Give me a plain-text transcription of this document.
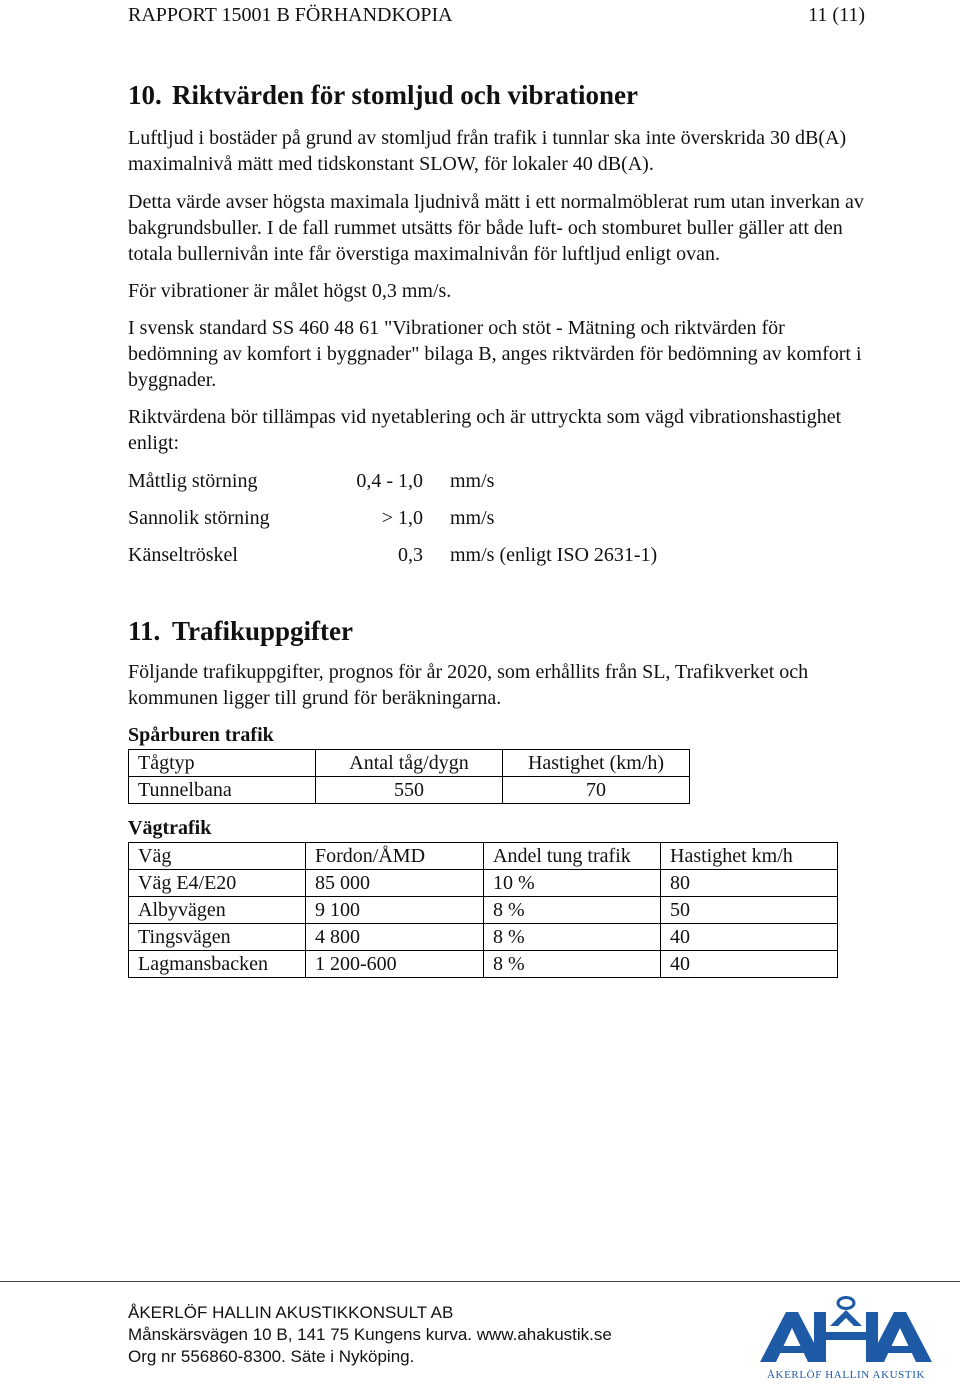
RAPPORT 15001 B FÖRHANDKOPIA	11 (11)
10. Riktvärden för stomljud och vibrationer

Luftljud i bostäder på grund av stomljud från trafik i tunnlar ska inte överskrida 30 dB(A) maximalnivå mätt med tidskonstant SLOW, för lokaler 40 dB(A).

Detta värde avser högsta maximala ljudnivå mätt i ett normalmöblerat rum utan inverkan av bakgrundsbuller. I de fall rummet utsätts för både luft- och stomburet buller gäller att den totala bullernivån inte får överstiga maximalnivån för luftljud enligt ovan.

För vibrationer är målet högst 0,3 mm/s.

I svensk standard SS 460 48 61 "Vibrationer och stöt - Mätning och riktvärden för bedömning av komfort i byggnader" bilaga B, anges riktvärden för bedömning av komfort i byggnader.

Riktvärdena bör tillämpas vid nyetablering och är uttryckta som vägd vibrationshastighet enligt:

Måttlig störning	0,4 - 1,0 mm/s
Sannolik störning	> 1,0 mm/s
Känseltröskel	0,3 mm/s (enligt ISO 2631-1)
11. Trafikuppgifter

Följande trafikuppgifter, prognos för år 2020, som erhållits från SL, Trafikverket och kommunen ligger till grund för beräkningarna.

Spårburen trafik

Tågtyp	Antal tåg/dygn	Hastighet (km/h)
Tunnelbana	550	70

Vägtrafik

Väg	Fordon/ÅMD	Andel tung trafik	Hastighet km/h
Väg E4/E20	85 000	10 %	80
Albyvägen	9 100	8 %	50
Tingsvägen	4 800	8 %	40
Lagmansbacken	1 200-600	8 %	40
ÅKERLÖF HALLIN AKUSTIKKONSULT AB
Månskärsvägen 10 B, 141 75 Kungens kurva. www.ahakustik.se
Org nr 556860-8300. Säte i Nyköping.
ÅKERLÖF HALLIN AKUSTIK
